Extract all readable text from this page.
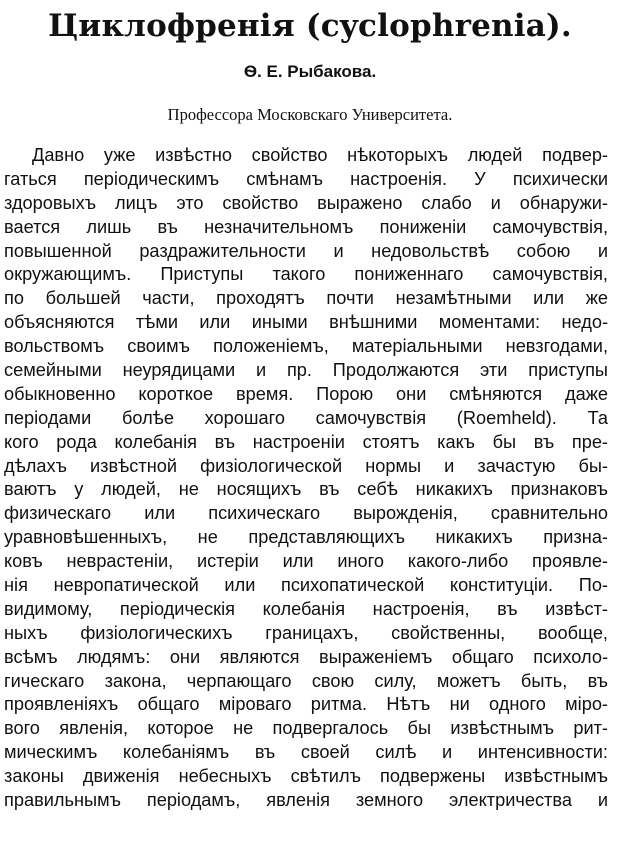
Циклофренія (cyclophrenia).
Ѳ. Е. Рыбакова.
Профессора Московскаго Университета.
Давно уже извѣстно свойство нѣкоторыхъ людей подвер-
гаться періодическимъ смѣнамъ настроенія. У психически
здоровыхъ лицъ это свойство выражено слабо и обнаружи-
вается лишь въ незначительномъ пониженіи самочувствія,
повышенной раздражительности и недовольствѣ собою и
окружающимъ. Приступы такого пониженнаго самочувствія,
по большей части, проходятъ почти незамѣтными или же
объясняются тѣми или иными внѣшними моментами: недо-
вольствомъ своимъ положеніемъ, матеріальными невзгодами,
семейными неурядицами и пр. Продолжаются эти приступы
обыкновенно короткое время. Порою они смѣняются даже
періодами болѣе хорошаго самочувствія (Roemheld). Та
кого рода колебанія въ настроеніи стоятъ какъ бы въ пре-
дѣлахъ извѣстной физіологической нормы и зачастую бы-
ваютъ у людей, не носящихъ въ себѣ никакихъ признаковъ
физическаго или психическаго вырожденія, сравнительно
уравновѣшенныхъ, не представляющихъ никакихъ призна-
ковъ неврастеніи, истеріи или иного какого-либо проявле-
нія невропатической или психопатической конституціи. По-
видимому, періодическія колебанія настроенія, въ извѣст-
ныхъ физіологическихъ границахъ, свойственны, вообще,
всѣмъ людямъ: они являются выраженіемъ общаго психоло-
гическаго закона, черпающаго свою силу, можетъ быть, въ
проявленіяхъ общаго міроваго ритма. Нѣтъ ни одного міро-
вого явленія, которое не подвергалось бы извѣстнымъ рит-
мическимъ колебаніямъ въ своей силѣ и интенсивности:
законы движенія небесныхъ свѣтилъ подвержены извѣстнымъ
правильнымъ періодамъ, явленія земного электричества и
